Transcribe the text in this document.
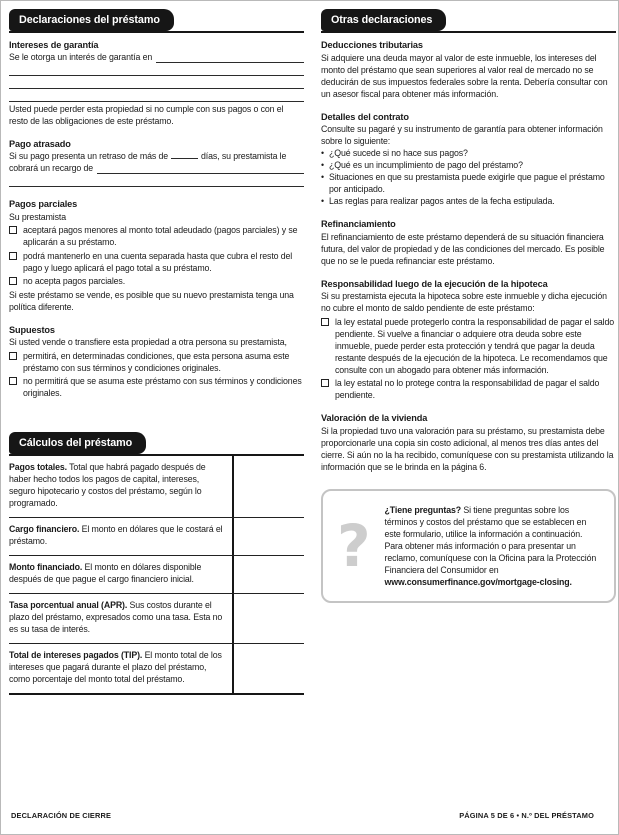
Declaraciones del préstamo
Intereses de garantía
Se le otorga un interés de garantía en

Usted puede perder esta propiedad si no cumple con sus pagos o con el resto de las obligaciones de este préstamo.

Pago atrasado

Si su pago presenta un retraso de más de	días, su prestamista le

cobrará un recargo de
Pagos parciales

Su prestamista

aceptará pagos menores al monto total adeudado (pagos parciales) y se aplicarán a su préstamo.
podrá mantenerlo en una cuenta separada hasta que cubra el resto del pago y luego aplicará el pago total a su préstamo.
no acepta pagos parciales.

Si este préstamo se vende, es posible que su nuevo prestamista tenga una política diferente.

Supuestos

Si usted vende o transfiere esta propiedad a otra persona su prestamista,

permitirá, en determinadas condiciones, que esta persona asuma este préstamo con sus términos y condiciones originales.
no permitirá que se asuma este préstamo con sus términos y condiciones originales.
Cálculos del préstamo
Pagos totales. Total que habrá pagado después de haber hecho todos los pagos de capital, intereses, seguro hipotecario y costos del préstamo, según lo programado.
Cargo financiero. El monto en dólares que le costará el préstamo.
Monto financiado. El monto en dólares disponible después de que pague el cargo financiero inicial.
Tasa porcentual anual (APR). Sus costos durante el plazo del préstamo, expresados como una tasa. Esta no es su tasa de interés.
Total de intereses pagados (TIP). El monto total de los intereses que pagará durante el plazo del préstamo, como porcentaje del monto total del préstamo.
Otras declaraciones
Deducciones tributarias

Si adquiere una deuda mayor al valor de este inmueble, los intereses del monto del préstamo que sean superiores al valor real de mercado no se deducirán de sus impuestos federales sobre la renta. Debería consultar con un asesor fiscal para obtener más información.

Detalles del contrato

Consulte su pagaré y su instrumento de garantía para obtener información sobre lo siguiente:

• ¿Qué sucede si no hace sus pagos?
• ¿Qué es un incumplimiento de pago del préstamo?
• Situaciones en que su prestamista puede exigirle que pague el préstamo por anticipado.
• Las reglas para realizar pagos antes de la fecha estipulada.
Refinanciamiento

El refinanciamiento de este préstamo dependerá de su situación financiera futura, del valor de propiedad y de las condiciones del mercado. Es posible que no se le pueda refinanciar este préstamo.

Responsabilidad luego de la ejecución de la hipoteca

Si su prestamista ejecuta la hipoteca sobre este inmueble y dicha ejecución no cubre el monto de saldo pendiente de este préstamo:

la ley estatal puede protegerlo contra la responsabilidad de pagar el saldo pendiente. Si vuelve a financiar o adquiere otra deuda sobre este inmueble, puede perder esta protección y tendrá que pagar la deuda restante después de la ejecución de la hipoteca. Le recomendamos que consulte con un abogado para obtener más información.
la ley estatal no lo protege contra la responsabilidad de pagar el saldo pendiente.
Valoración de la vivienda

Si la propiedad tuvo una valoración para su préstamo, su prestamista debe proporcionarle una copia sin costo adicional, al menos tres días antes del cierre. Si aún no la ha recibido, comuníquese con su prestamista utilizando la información que se le brinda en la página 6.

?
¿Tiene preguntas? Si tiene preguntas sobre los términos y costos del préstamo que se establecen en este formulario, utilice la información a continuación. Para obtener más información o para presentar un reclamo, comuníquese con la Oficina para la Protección Financiera del Consumidor en www.consumerfinance.gov/mortgage-closing.
DECLARACIÓN DE CIERRE	PÁGINA 5 DE 6 • N.º DEL PRÉSTAMO
